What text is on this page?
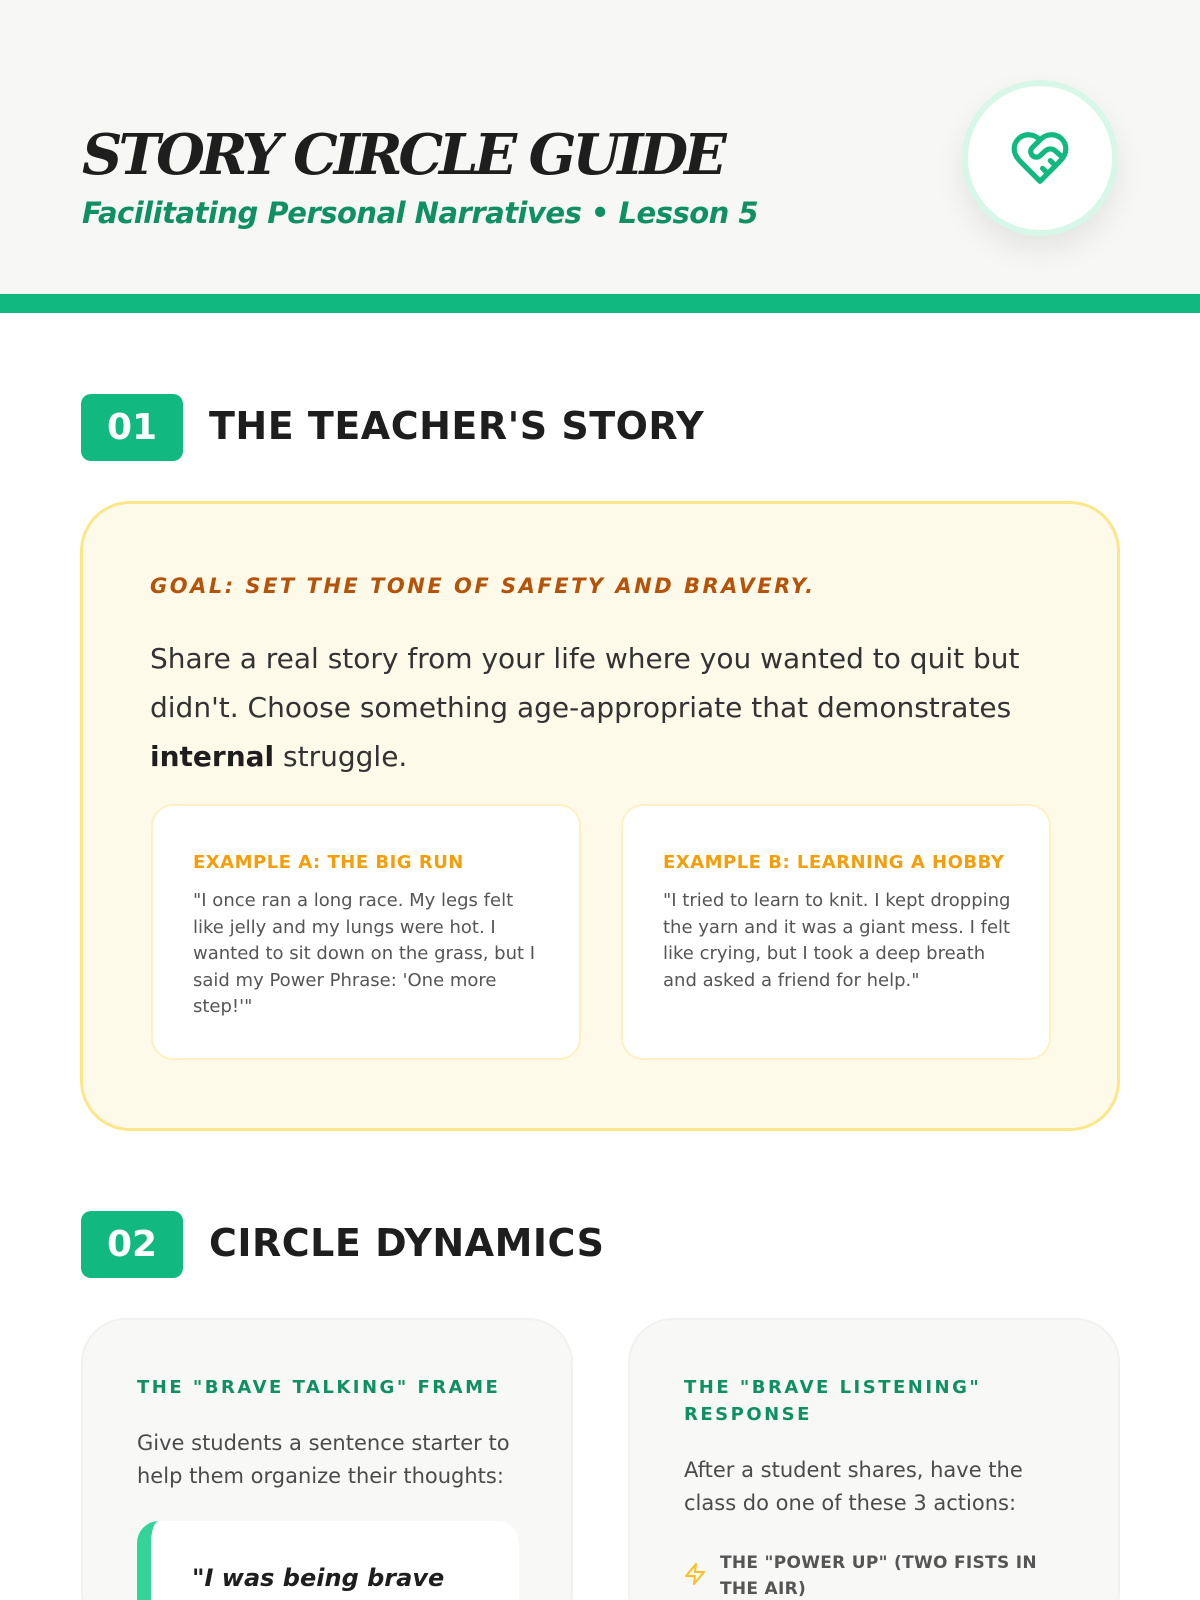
STORY CIRCLE GUIDE
Facilitating Personal Narratives • Lesson 5
01	THE TEACHER'S STORY
GOAL: SET THE TONE OF SAFETY AND BRAVERY.
Share a real story from your life where you wanted to quit but didn't. Choose something age-appropriate that demonstrates internal struggle.
EXAMPLE A: THE BIG RUN
"I once ran a long race. My legs felt like jelly and my lungs were hot. I wanted to sit down on the grass, but I said my Power Phrase: 'One more step!'"
EXAMPLE B: LEARNING A HOBBY
"I tried to learn to knit. I kept dropping the yarn and it was a giant mess. I felt like crying, but I took a deep breath and asked a friend for help."
02	CIRCLE DYNAMICS
THE "BRAVE TALKING" FRAME
Give students a sentence starter to help them organize their thoughts:
"I was being brave
THE "BRAVE LISTENING" RESPONSE
After a student shares, have the class do one of these 3 actions:
THE "POWER UP" (TWO FISTS IN THE AIR)
